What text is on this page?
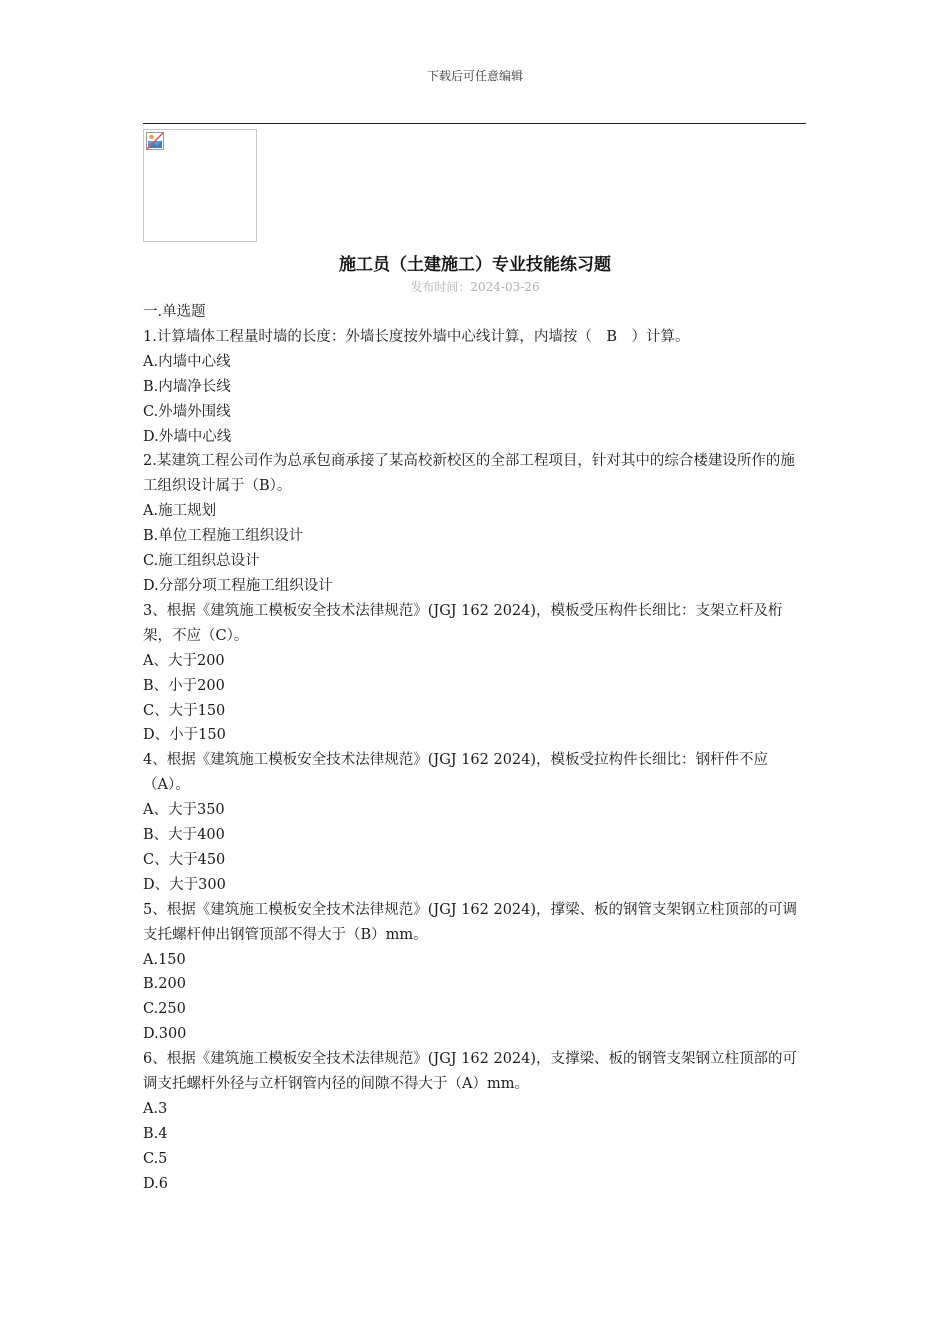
下载后可任意编辑
施工员（土建施工）专业技能练习题
发布时间：2024-03-26
一.单选题
1.计算墙体工程量时墙的长度：外墙长度按外墙中心线计算，内墙按（　B　）计算。
A.内墙中心线
B.内墙净长线
C.外墙外围线
D.外墙中心线
2.某建筑工程公司作为总承包商承接了某高校新校区的全部工程项目，针对其中的综合楼建设所作的施工组织设计属于（B）。
A.施工规划
B.单位工程施工组织设计
C.施工组织总设计
D.分部分项工程施工组织设计
3、根据《建筑施工模板安全技术法律规范》(JGJ 162 2024)，模板受压构件长细比：支架立杆及桁架，不应（C）。
A、大于200
B、小于200
C、大于150
D、小于150
4、根据《建筑施工模板安全技术法律规范》(JGJ 162 2024)，模板受拉构件长细比：钢杆件不应（A）。
A、大于350
B、大于400
C、大于450
D、大于300
5、根据《建筑施工模板安全技术法律规范》(JGJ 162 2024)，撑梁、板的钢管支架钢立柱顶部的可调支托螺杆伸出钢管顶部不得大于（B）mm。
A.150
B.200
C.250
D.300
6、根据《建筑施工模板安全技术法律规范》(JGJ 162 2024)，支撑梁、板的钢管支架钢立柱顶部的可调支托螺杆外径与立杆钢管内径的间隙不得大于（A）mm。
A.3
B.4
C.5
D.6
